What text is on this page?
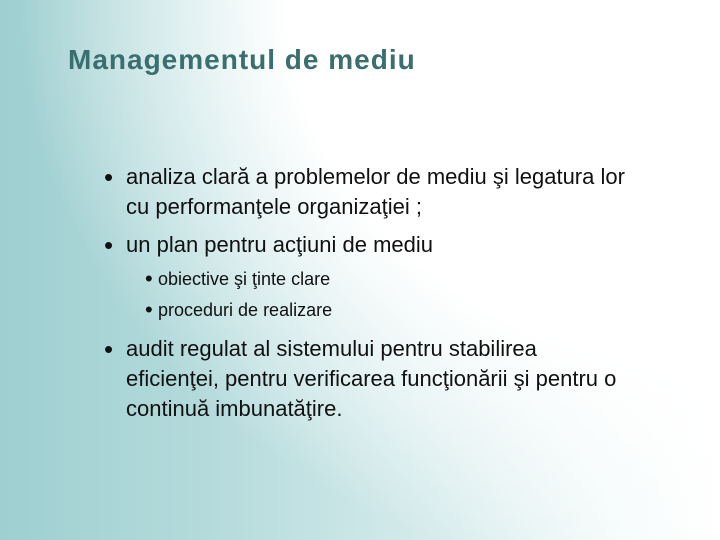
Managementul de mediu
• analiza clară a problemelor de mediu şi legatura lor cu performanţele organizaţiei ;
• un plan pentru acţiuni de mediu
• obiective şi ţinte clare
• proceduri de realizare
• audit regulat al sistemului pentru stabilirea eficienţei, pentru verificarea funcţionării şi pentru o continuă imbunatăţire.
